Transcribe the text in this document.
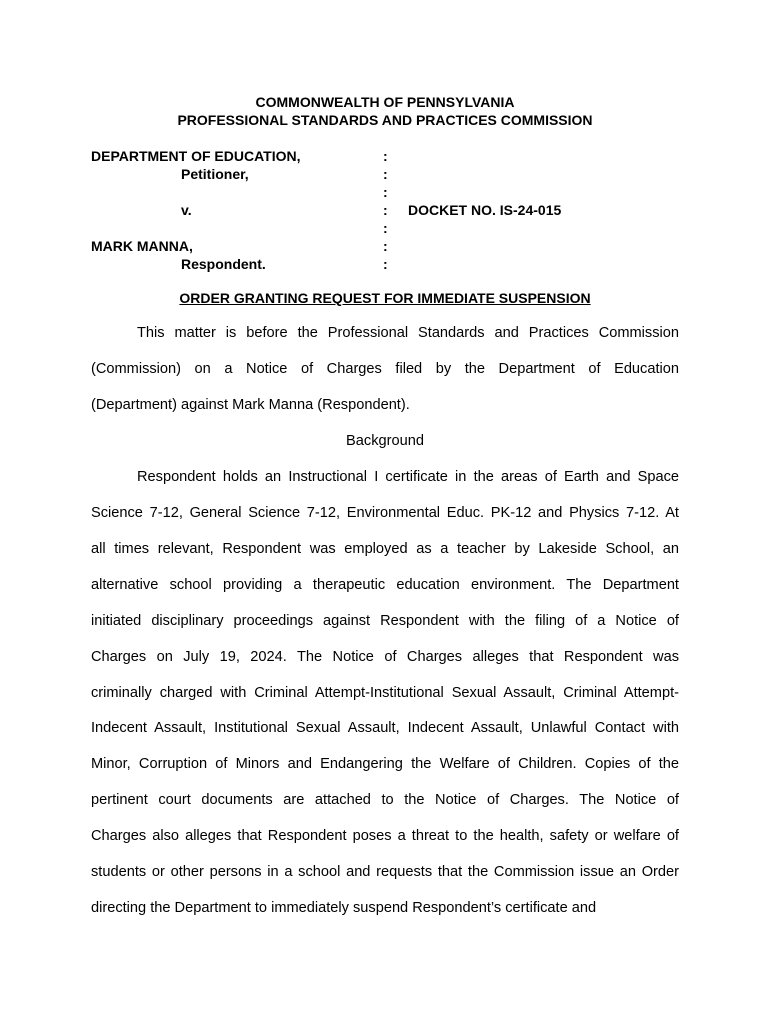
COMMONWEALTH OF PENNSYLVANIA
PROFESSIONAL STANDARDS AND PRACTICES COMMISSION
DEPARTMENT OF EDUCATION,
Petitioner,
v.
MARK MANNA,
Respondent.
:
:
:
:
:
:
:
DOCKET NO. IS-24-015
ORDER GRANTING REQUEST FOR IMMEDIATE SUSPENSION
This matter is before the Professional Standards and Practices Commission
(Commission) on a Notice of Charges filed by the Department of Education
(Department) against Mark Manna (Respondent).
Background
Respondent holds an Instructional I certificate in the areas of Earth and Space
Science 7-12, General Science 7-12, Environmental Educ. PK-12 and Physics 7-12. At
all times relevant, Respondent was employed as a teacher by Lakeside School, an
alternative school providing a therapeutic education environment. The Department
initiated disciplinary proceedings against Respondent with the filing of a Notice of
Charges on July 19, 2024. The Notice of Charges alleges that Respondent was
criminally charged with Criminal Attempt-Institutional Sexual Assault, Criminal Attempt-
Indecent Assault, Institutional Sexual Assault, Indecent Assault, Unlawful Contact with
Minor, Corruption of Minors and Endangering the Welfare of Children. Copies of the
pertinent court documents are attached to the Notice of Charges. The Notice of
Charges also alleges that Respondent poses a threat to the health, safety or welfare of
students or other persons in a school and requests that the Commission issue an Order
directing the Department to immediately suspend Respondent’s certificate and
